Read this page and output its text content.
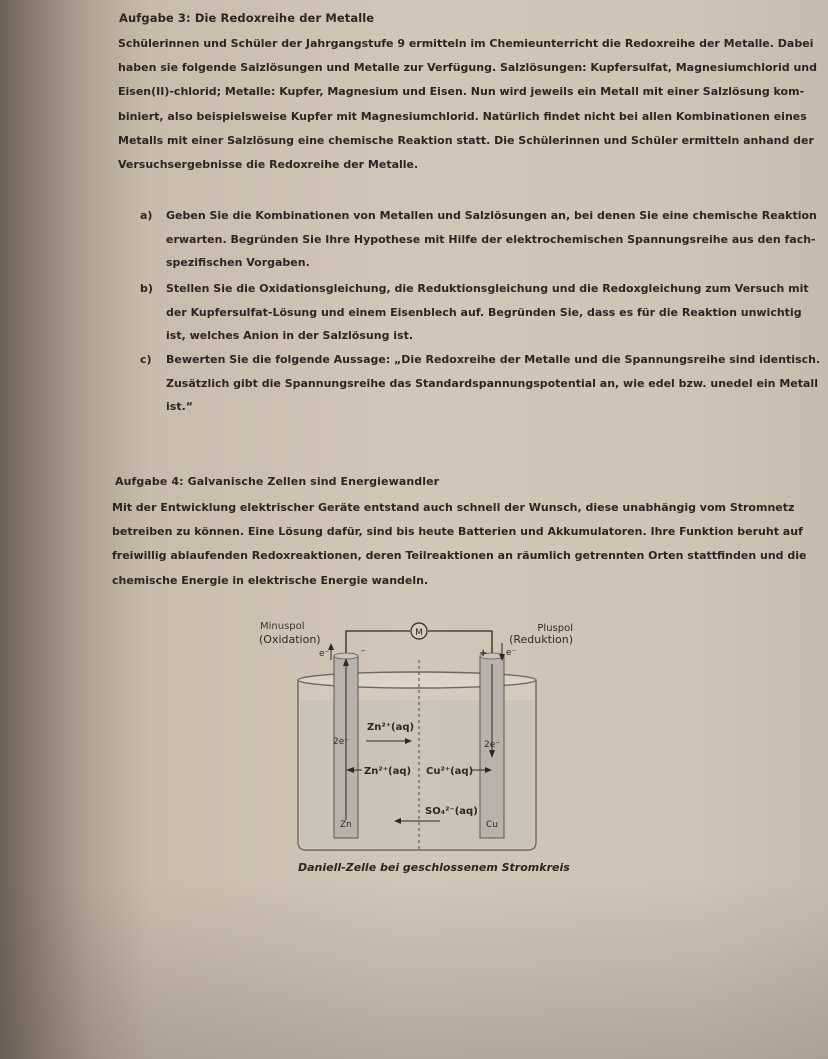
Aufgabe 3: Die Redoxreihe der Metalle
Schülerinnen und Schüler der Jahrgangstufe 9 ermitteln im Chemieunterricht die Redoxreihe der Metalle. Dabei
haben sie folgende Salzlösungen und Metalle zur Verfügung. Salzlösungen: Kupfersulfat, Magnesiumchlorid und
Eisen(II)-chlorid; Metalle: Kupfer, Magnesium und Eisen. Nun wird jeweils ein Metall mit einer Salzlösung kom-
biniert, also beispielsweise Kupfer mit Magnesiumchlorid. Natürlich findet nicht bei allen Kombinationen eines
Metalls mit einer Salzlösung eine chemische Reaktion statt. Die Schülerinnen und Schüler ermitteln anhand der
Versuchsergebnisse die Redoxreihe der Metalle.
a) Geben Sie die Kombinationen von Metallen und Salzlösungen an, bei denen Sie eine chemische Reaktion
erwarten. Begründen Sie Ihre Hypothese mit Hilfe der elektrochemischen Spannungsreihe aus den fach-
spezifischen Vorgaben.
b) Stellen Sie die Oxidationsgleichung, die Reduktionsgleichung und die Redoxgleichung zum Versuch mit
der Kupfersulfat-Lösung und einem Eisenblech auf. Begründen Sie, dass es für die Reaktion unwichtig
ist, welches Anion in der Salzlösung ist.
c) Bewerten Sie die folgende Aussage: „Die Redoxreihe der Metalle und die Spannungsreihe sind identisch.
Zusätzlich gibt die Spannungsreihe das Standardspannungspotential an, wie edel bzw. unedel ein Metall
ist.“
Aufgabe 4: Galvanische Zellen sind Energiewandler
Mit der Entwicklung elektrischer Geräte entstand auch schnell der Wunsch, diese unabhängig vom Stromnetz
betreiben zu können. Eine Lösung dafür, sind bis heute Batterien und Akkumulatoren. Ihre Funktion beruht auf
freiwillig ablaufenden Redoxreaktionen, deren Teilreaktionen an räumlich getrennten Orten stattfinden und die
chemische Energie in elektrische Energie wandeln.
M
Minuspol
(Oxidation)
Pluspol
(Reduktion)
e⁻	–	+ e⁻
Zn²⁺(aq)
2e⁻	2e⁻
Zn²⁺(aq) Cu²⁺(aq)
SO₄²⁻(aq)
Zn	Cu
Daniell-Zelle bei geschlossenem Stromkreis
